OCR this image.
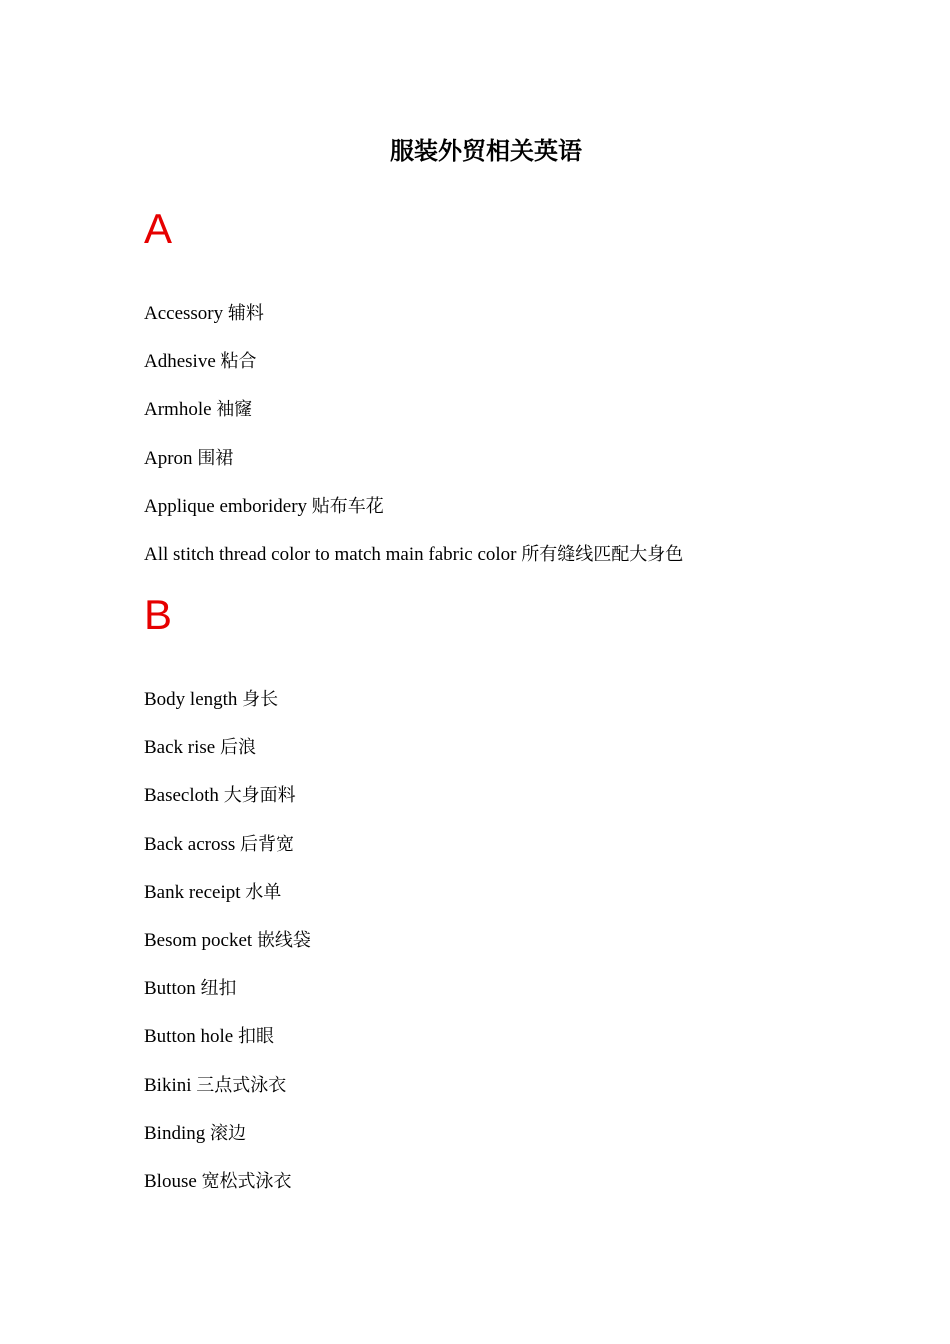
服装外贸相关英语
A
Accessory 辅料
Adhesive 粘合
Armhole 袖窿
Apron 围裙
Applique emboridery 贴布车花
All stitch thread color to match main fabric color 所有缝线匹配大身色
B
Body length 身长
Back rise 后浪
Basecloth 大身面料
Back across 后背宽
Bank receipt 水单
Besom pocket 嵌线袋
Button 纽扣
Button hole 扣眼
Bikini 三点式泳衣
Binding 滚边
Blouse 宽松式泳衣
